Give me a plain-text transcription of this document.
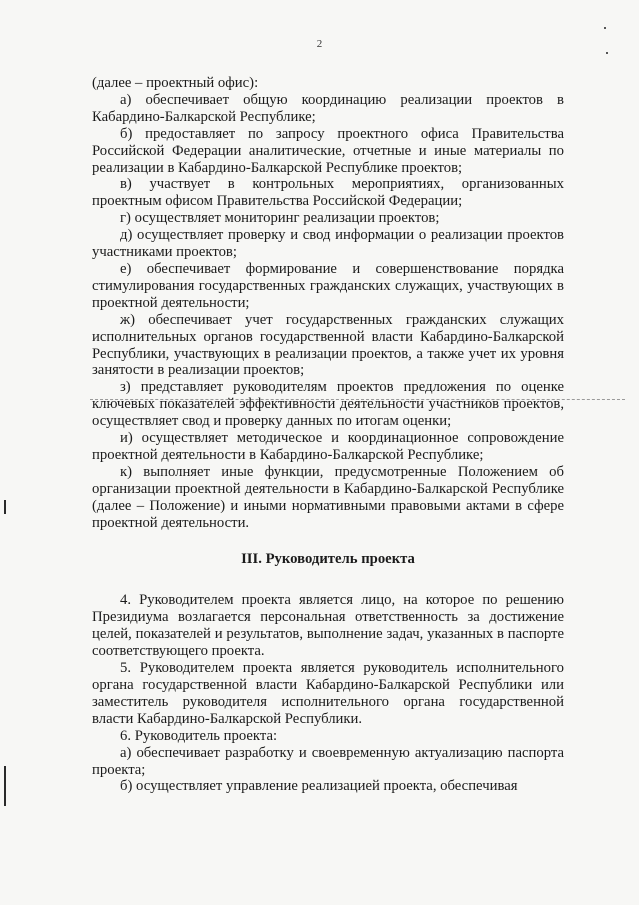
2

(далее – проектный офис):

а) обеспечивает общую координацию реализации проектов в Кабардино-Балкарской Республике;

б) предоставляет по запросу проектного офиса Правительства Российской Федерации аналитические, отчетные и иные материалы по реализации в Кабардино-Балкарской Республике проектов;

в) участвует в контрольных мероприятиях, организованных проектным офисом Правительства Российской Федерации;

г) осуществляет мониторинг реализации проектов;

д) осуществляет проверку и свод информации о реализации проектов участниками проектов;

е) обеспечивает формирование и совершенствование порядка стимулирования государственных гражданских служащих, участвующих в проектной деятельности;

ж) обеспечивает учет государственных гражданских служащих исполнительных органов государственной власти Кабардино-Балкарской Республики, участвующих в реализации проектов, а также учет их уровня занятости в реализации проектов;

з) представляет руководителям проектов предложения по оценке ключевых показателей эффективности деятельности участников проектов, осуществляет свод и проверку данных по итогам оценки;

и) осуществляет методическое и координационное сопровождение проектной деятельности в Кабардино-Балкарской Республике;

к) выполняет иные функции, предусмотренные Положением об организации проектной деятельности в Кабардино-Балкарской Республике (далее – Положение) и иными нормативными правовыми актами в сфере проектной деятельности.

III. Руководитель проекта

4. Руководителем проекта является лицо, на которое по решению Президиума возлагается персональная ответственность за достижение целей, показателей и результатов, выполнение задач, указанных в паспорте соответствующего проекта.

5. Руководителем проекта является руководитель исполнительного органа государственной власти Кабардино-Балкарской Республики или заместитель руководителя исполнительного органа государственной власти Кабардино-Балкарской Республики.

6. Руководитель проекта:

а) обеспечивает разработку и своевременную актуализацию паспорта проекта;

б) осуществляет управление реализацией проекта, обеспечивая
